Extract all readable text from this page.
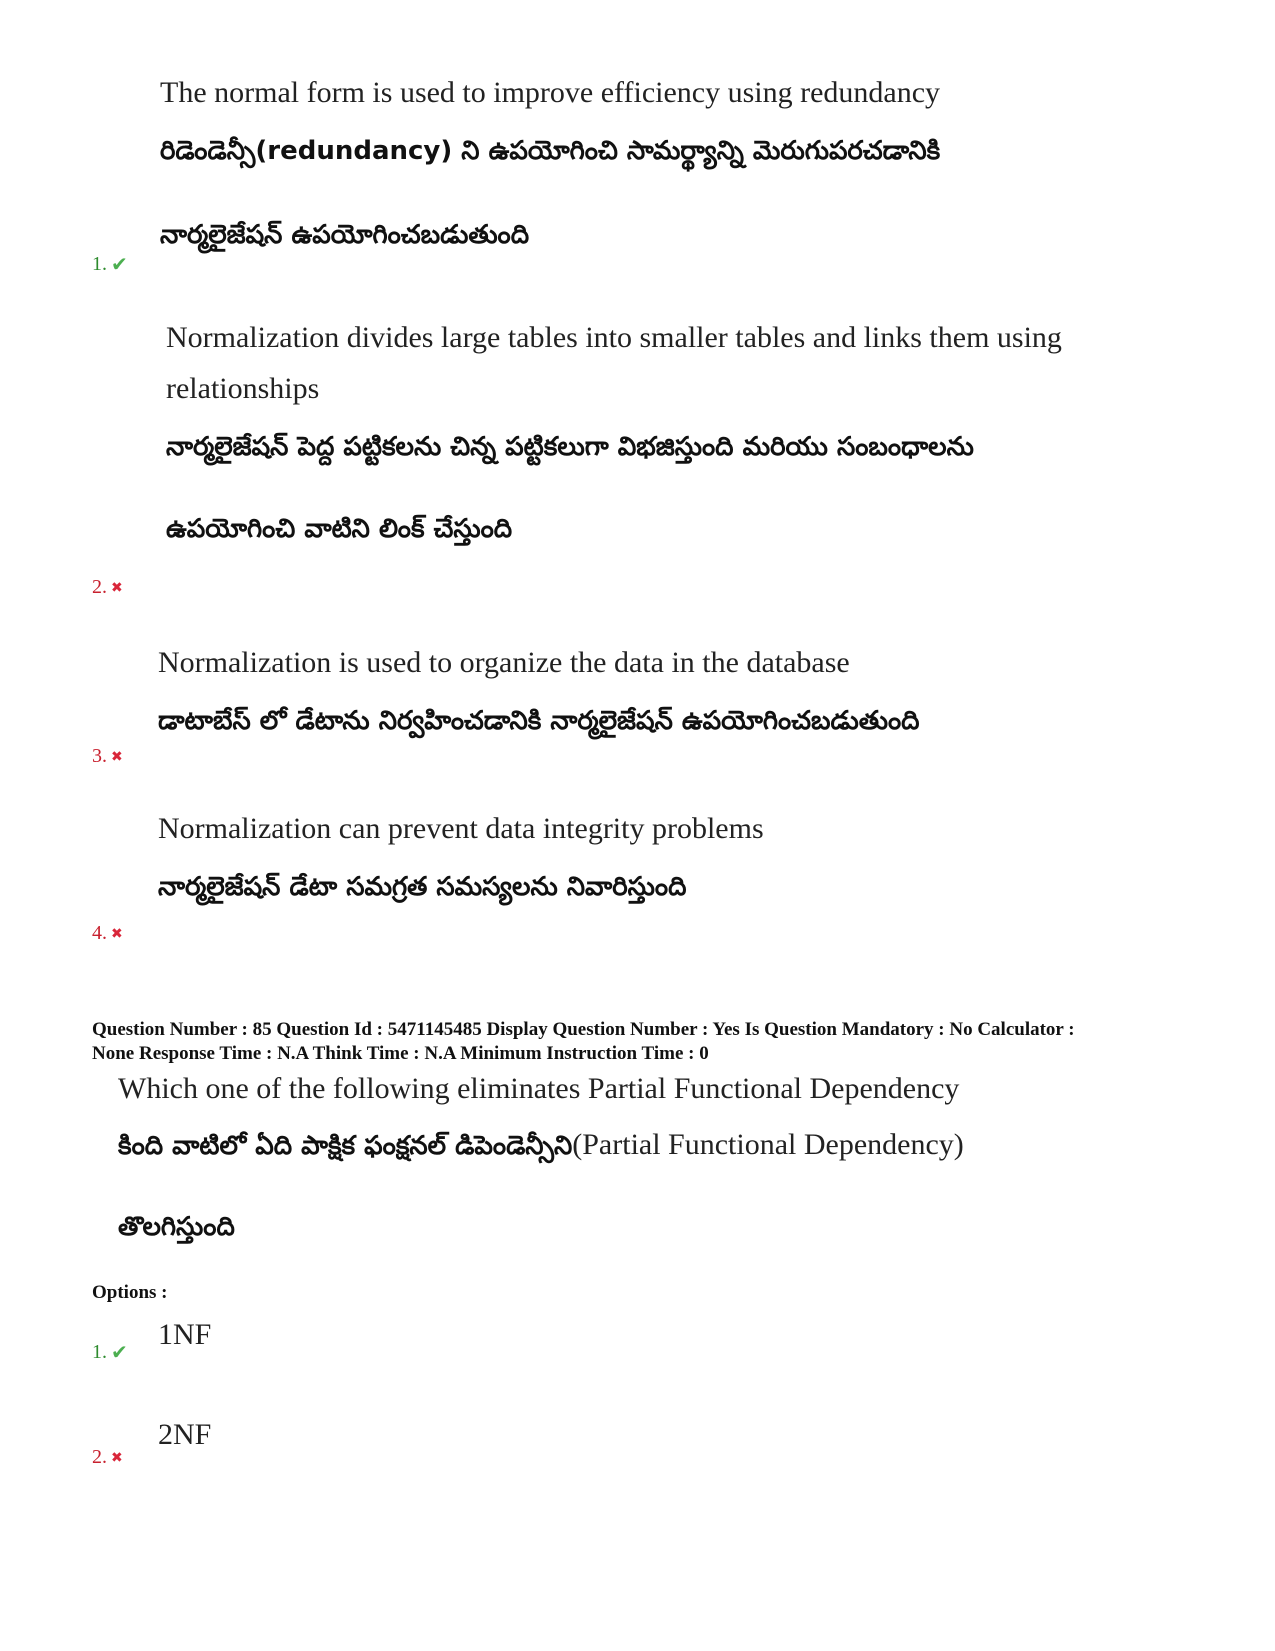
The normal form is used to improve efficiency using redundancy
రిడెండెన్సీ(redundancy) ని ఉపయోగించి సామర్థ్యాన్ని మెరుగుపరచడానికి
నార్మలైజేషన్ ఉపయోగించబడుతుంది
1. ✔
Normalization divides large tables into smaller tables and links them using
relationships
నార్మలైజేషన్ పెద్ద పట్టికలను చిన్న పట్టికలుగా విభజిస్తుంది మరియు సంబంధాలను
ఉపయోగించి వాటిని లింక్ చేస్తుంది
2. ✖
Normalization is used to organize the data in the database
డాటాబేస్ లో డేటాను నిర్వహించడానికి నార్మలైజేషన్ ఉపయోగించబడుతుంది
3. ✖
Normalization can prevent data integrity problems
నార్మలైజేషన్ డేటా సమగ్రత సమస్యలను నివారిస్తుంది
4. ✖
Question Number : 85 Question Id : 5471145485 Display Question Number : Yes Is Question Mandatory : No Calculator :
None Response Time : N.A Think Time : N.A Minimum Instruction Time : 0
Which one of the following eliminates Partial Functional Dependency
కింది వాటిలో ఏది పాక్షిక ఫంక్షనల్ డిపెండెన్సీని(Partial Functional Dependency)
తొలగిస్తుంది
Options :
1NF
1. ✔
2NF
2. ✖
